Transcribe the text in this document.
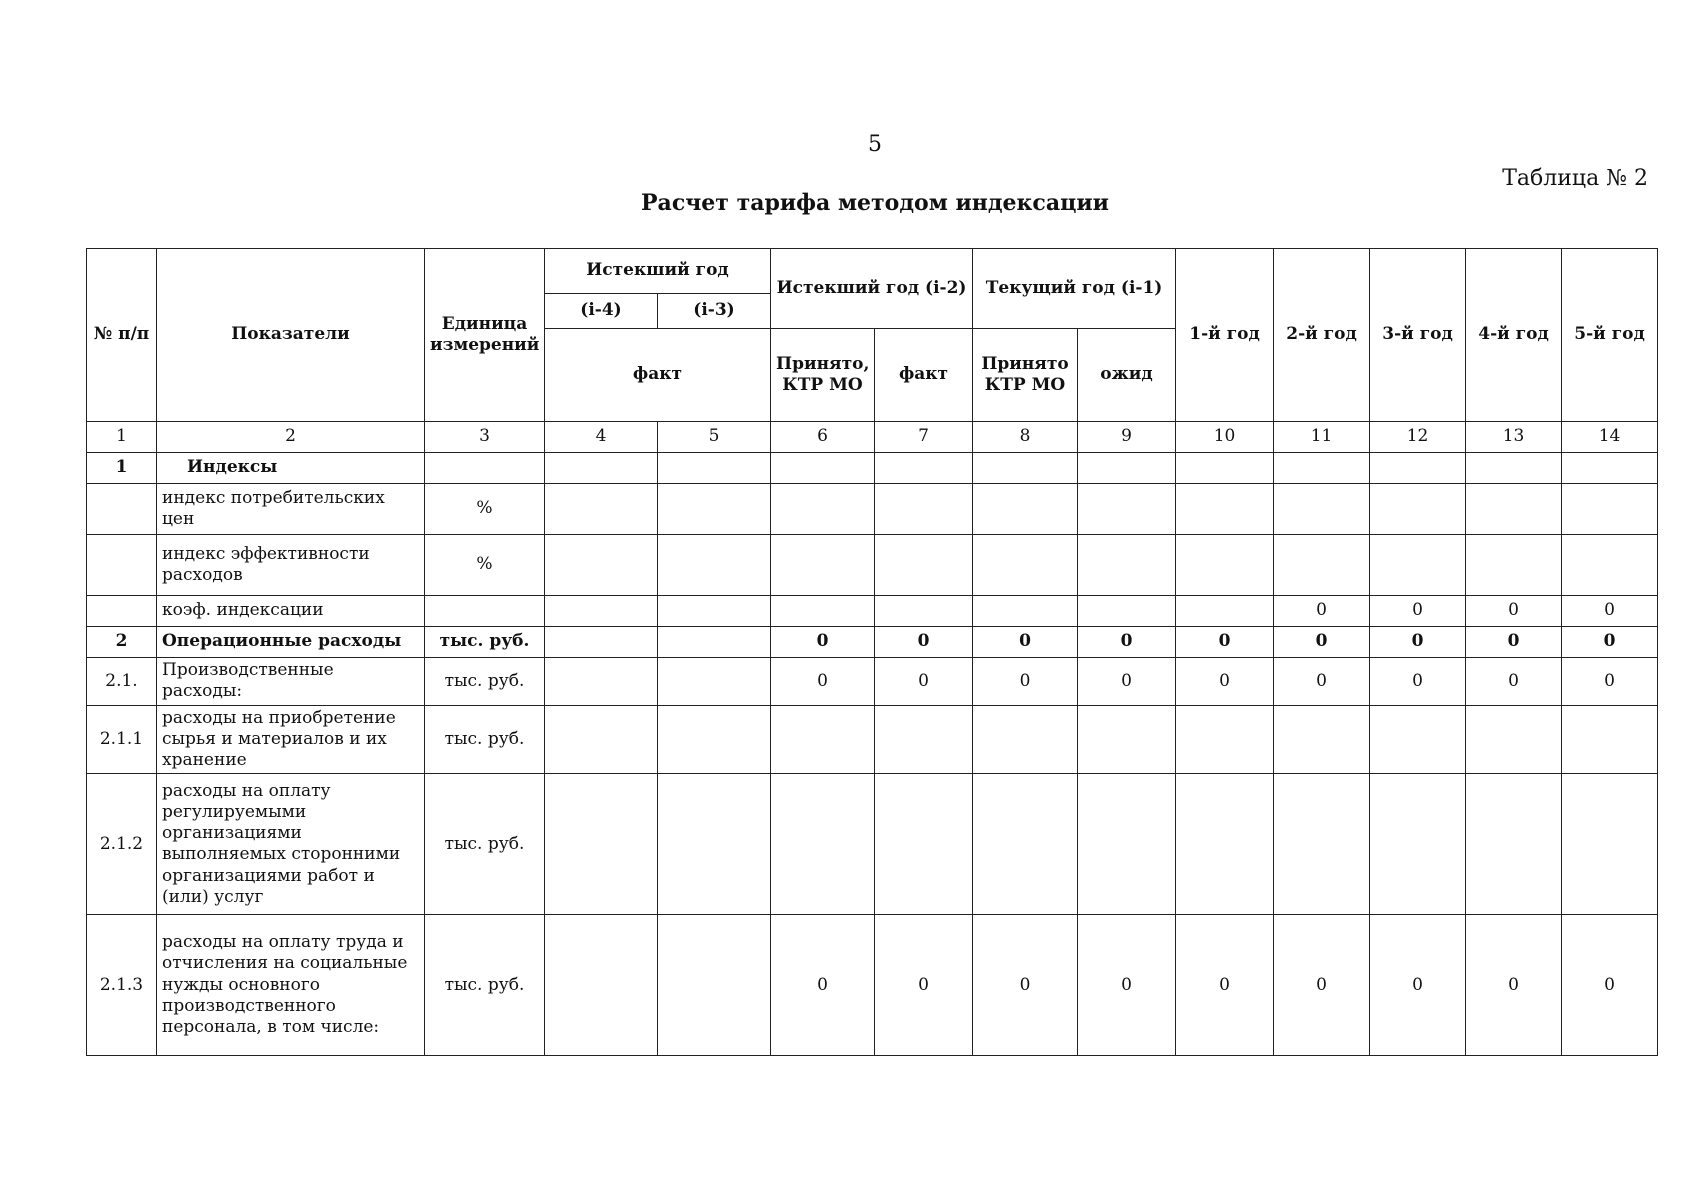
5
Таблица № 2
Расчет тарифа методом индексации
№ п/п	Показатели	Единица измерений	Истекший год		Истекший год (i-2)		Текущий год (i-1)		1-й год	2-й год	3-й год	4-й год	5-й год
			(i-4)	(i-3)									
			факт		Принято, КТР МО	факт	Принято КТР МО	ожид					
1	2	3	4	5	6	7	8	9	10	11	12	13	14
1	Индексы												
	индекс потребительских цен	%											
	индекс эффективности расходов	%											
	коэф. индексации									0	0	0	0
2	Операционные расходы	тыс. руб.			0	0	0	0	0	0	0	0	0
2.1.	Производственные расходы:	тыс. руб.			0	0	0	0	0	0	0	0	0
2.1.1	расходы на приобретение сырья и материалов и их хранение	тыс. руб.											
2.1.2	расходы на оплату регулируемыми организациями выполняемых сторонними организациями работ и (или) услуг	тыс. руб.											
2.1.3	расходы на оплату труда и отчисления на социальные нужды основного производственного персонала, в том числе:	тыс. руб.			0	0	0	0	0	0	0	0	0
